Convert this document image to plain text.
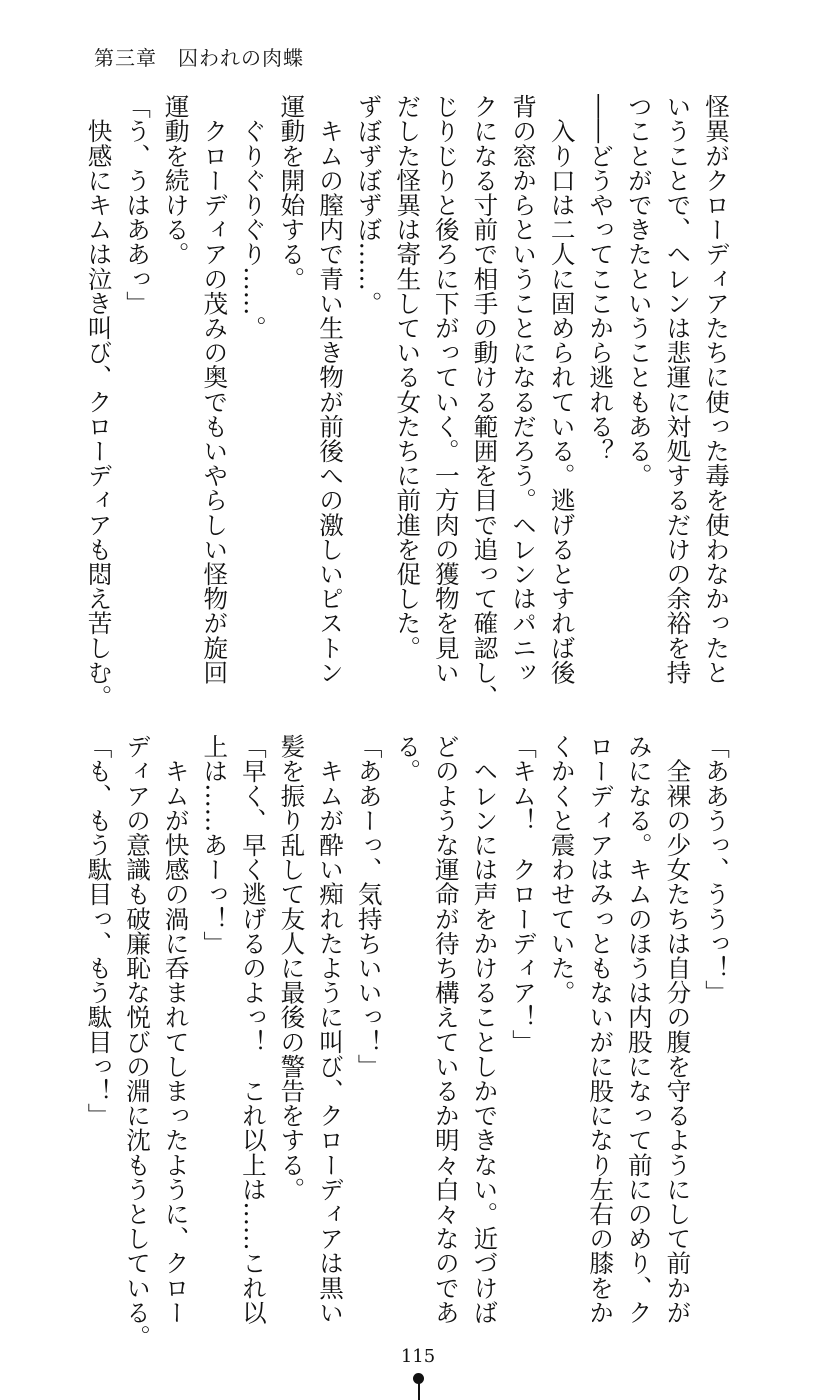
第三章　囚われの肉蝶
怪異がクローディアたちに使った毒を使わなかったと
いうことで、ヘレンは悲運に対処するだけの余裕を持
つことができたということもある。
――どうやってここから逃れる？
　入り口は二人に固められている。逃げるとすれば後
背の窓からということになるだろう。ヘレンはパニッ
クになる寸前で相手の動ける範囲を目で追って確認し、
じりじりと後ろに下がっていく。一方肉の獲物を見い
だした怪異は寄生している女たちに前進を促した。
ずぼずぼずぼ……。
　キムの膣内で青い生き物が前後への激しいピストン
運動を開始する。
　ぐりぐりぐり……。
　クローディアの茂みの奥でもいやらしい怪物が旋回
運動を続ける。
「う、うはああっ」
　快感にキムは泣き叫び、クローディアも悶え苦しむ。
「ああうっ、ううっ！」
　全裸の少女たちは自分の腹を守るようにして前かが
みになる。キムのほうは内股になって前にのめり、ク
ローディアはみっともないがに股になり左右の膝をか
くかくと震わせていた。
「キム！　クローディア！」
　ヘレンには声をかけることしかできない。近づけば
どのような運命が待ち構えているか明々白々なのであ
る。
「ああーっ、気持ちいいっ！」
　キムが酔い痴れたように叫び、クローディアは黒い
髪を振り乱して友人に最後の警告をする。
「早く、早く逃げるのよっ！　これ以上は……これ以
上は……あーっ！」
　キムが快感の渦に呑まれてしまったように、クロー
ディアの意識も破廉恥な悦びの淵に沈もうとしている。
「も、もう駄目っ、もう駄目っ！」
115
